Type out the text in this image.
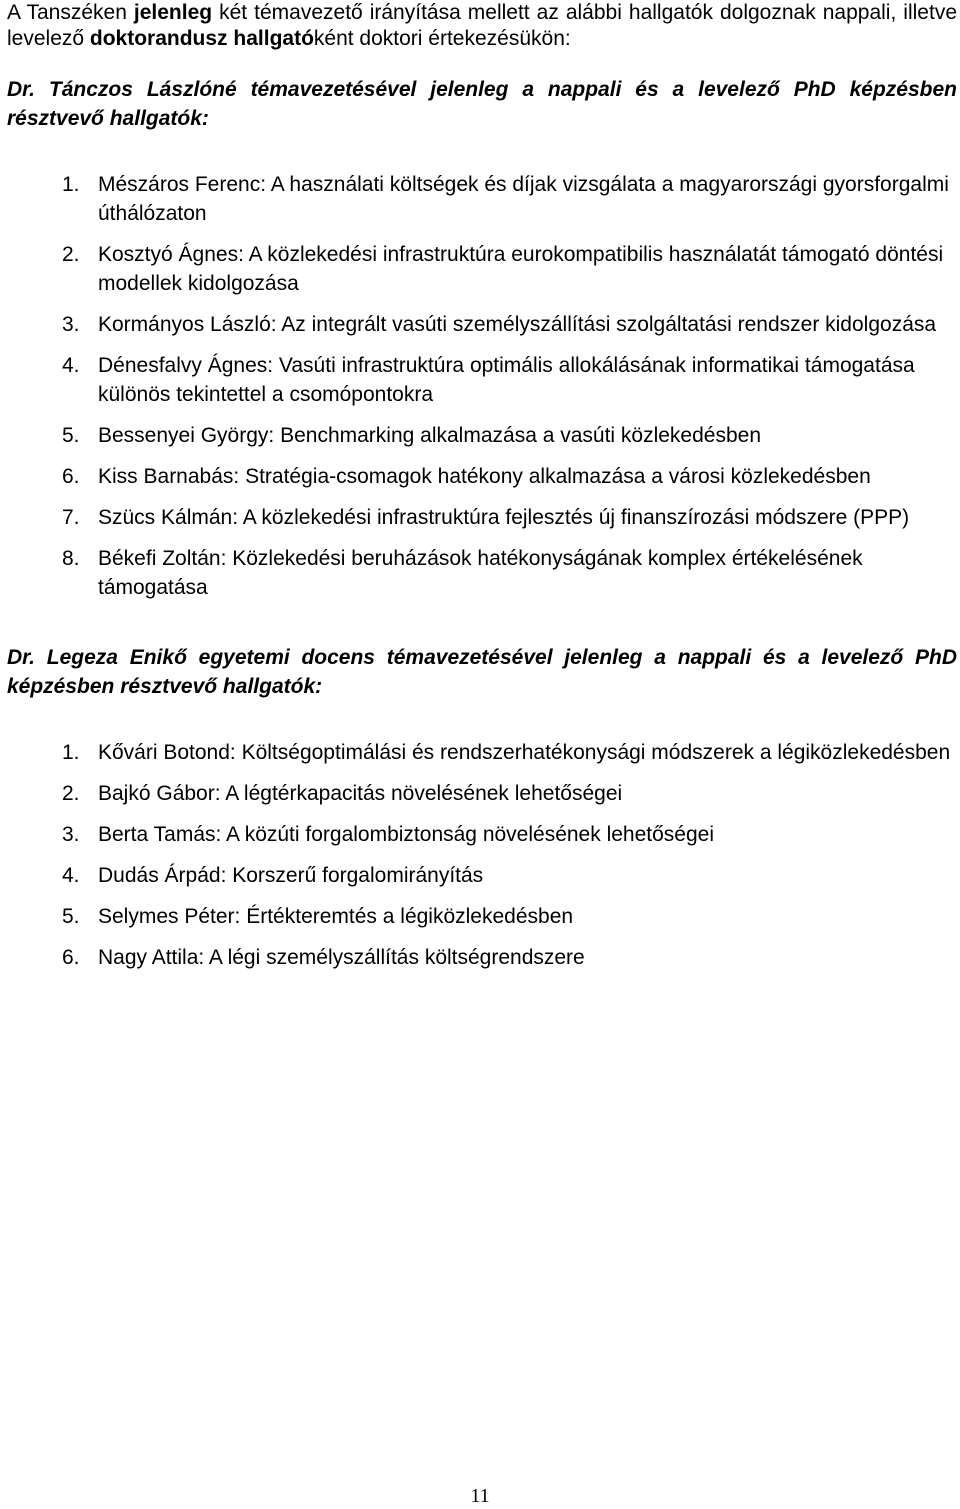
A Tanszéken jelenleg két témavezető irányítása mellett az alábbi hallgatók dolgoznak nappali, illetve levelező doktorandusz hallgatóként doktori értekezésükön:

Dr. Tánczos Lászlóné témavezetésével jelenleg a nappali és a levelező PhD képzésben résztvevő hallgatók:

1. Mészáros Ferenc: A használati költségek és díjak vizsgálata a magyarországi gyorsforgalmi úthálózaton
2. Kosztyó Ágnes: A közlekedési infrastruktúra eurokompatibilis használatát támogató döntési modellek kidolgozása
3. Kormányos László: Az integrált vasúti személyszállítási szolgáltatási rendszer kidolgozása
4. Dénesfalvy Ágnes: Vasúti infrastruktúra optimális allokálásának informatikai támogatása különös tekintettel a csomópontokra
5. Bessenyei György: Benchmarking alkalmazása a vasúti közlekedésben
6. Kiss Barnabás: Stratégia-csomagok hatékony alkalmazása a városi közlekedésben
7. Szücs Kálmán: A közlekedési infrastruktúra fejlesztés új finanszírozási módszere (PPP)
8. Békefi Zoltán: Közlekedési beruházások hatékonyságának komplex értékelésének támogatása

Dr. Legeza Enikő egyetemi docens témavezetésével jelenleg a nappali és a levelező PhD képzésben résztvevő hallgatók:

1. Kővári Botond: Költségoptimálási és rendszerhatékonysági módszerek a légiközlekedésben
2. Bajkó Gábor: A légtérkapacitás növelésének lehetőségei
3. Berta Tamás: A közúti forgalombiztonság növelésének lehetőségei
4. Dudás Árpád: Korszerű forgalomirányítás
5. Selymes Péter: Értékteremtés a légiközlekedésben
6. Nagy Attila: A légi személyszállítás költségrendszere
11
